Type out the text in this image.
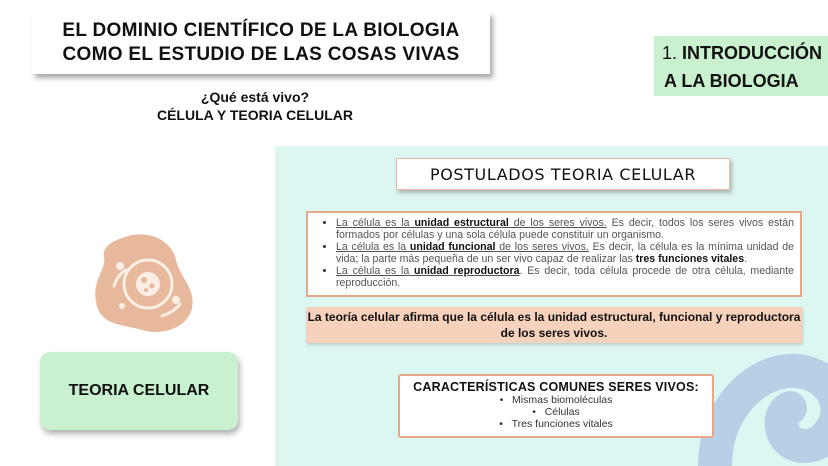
EL DOMINIO CIENTÍFICO DE LA BIOLOGIA
COMO EL ESTUDIO DE LAS COSAS VIVAS
¿Qué está vivo?
CÉLULA Y TEORIA CELULAR
1. INTRODUCCIÓN
A LA BIOLOGIA
TEORIA CELULAR
POSTULADOS TEORIA CELULAR
• La célula es la unidad estructural de los seres vivos. Es decir, todos los seres vivos están formados por células y una sola célula puede constituir un organismo.
• La célula es la unidad funcional de los seres vivos. Es decir, la célula es la mínima unidad de vida; la parte más pequeña de un ser vivo capaz de realizar las tres funciones vitales.
• La célula es la unidad reproductora. Es decir, toda célula procede de otra célula, mediante reproducción.
La teoría celular afirma que la célula es la unidad estructural, funcional y reproductora de los seres vivos.
CARACTERÍSTICAS COMUNES SERES VIVOS:
•   Mismas biomoléculas
•   Células
•   Tres funciones vitales
